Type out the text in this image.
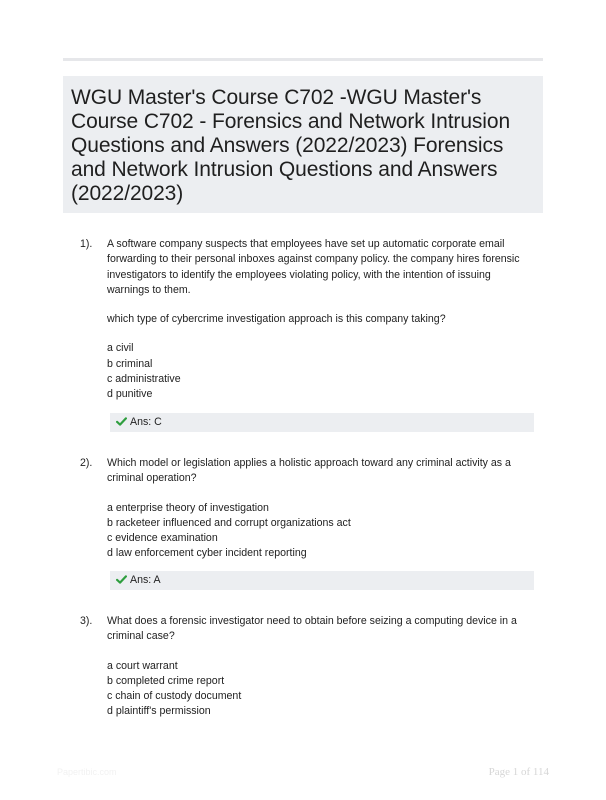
WGU Master's Course C702 -WGU Master's Course C702 - Forensics and Network Intrusion Questions and Answers (2022/2023) Forensics and Network Intrusion Questions and Answers (2022/2023)
1).	A software company suspects that employees have set up automatic corporate email forwarding to their personal inboxes against company policy. the company hires forensic investigators to identify the employees violating policy, with the intention of issuing warnings to them.

which type of cybercrime investigation approach is this company taking?

a civil
b criminal
c administrative
d punitive
Ans: C
2).	Which model or legislation applies a holistic approach toward any criminal activity as a criminal operation?

a enterprise theory of investigation
b racketeer influenced and corrupt organizations act
c evidence examination
d law enforcement cyber incident reporting
Ans: A
3).	What does a forensic investigator need to obtain before seizing a computing device in a criminal case?

a court warrant
b completed crime report
c chain of custody document
d plaintiff's permission
Papertibic.com	Page 1 of 114
